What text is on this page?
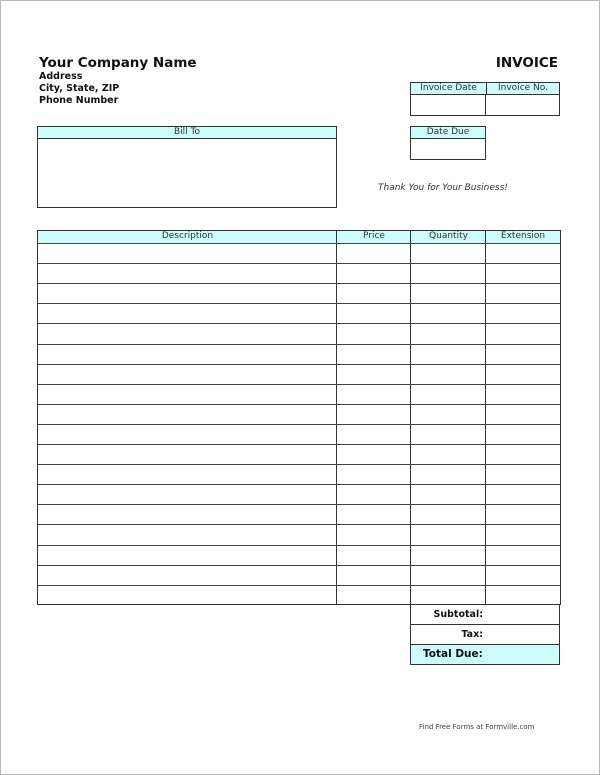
Your Company Name
Address
City, State, ZIP
Phone Number
INVOICE
Invoice Date	Invoice No.
Date Due
Bill To
Thank You for Your Business!
Description	Price	Quantity	Extension
Subtotal:
Tax:
Total Due:
Find Free Forms at Formville.com
